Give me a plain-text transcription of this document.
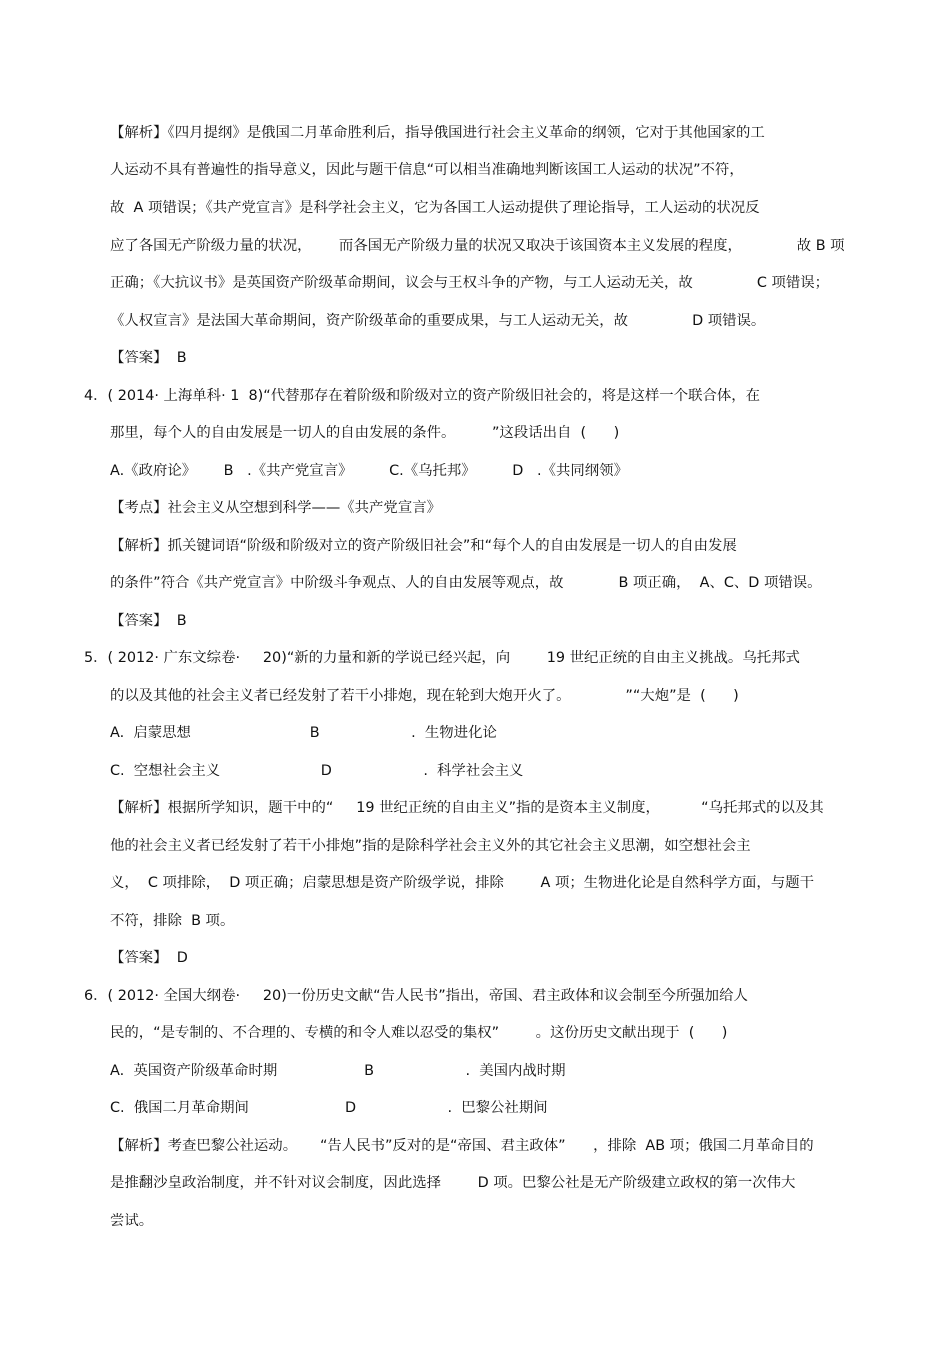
【解析】《四月提纲》是俄国二月革命胜利后，指导俄国进行社会主义革命的纲领，它对于其他国家的工
人运动不具有普遍性的指导意义，因此与题干信息“可以相当准确地判断该国工人运动的状况”不符，
故  A 项错误；《共产党宣言》是科学社会主义，它为各国工人运动提供了理论指导，工人运动的状况反
应了各国无产阶级力量的状况，      而各国无产阶级力量的状况又取决于该国资本主义发展的程度，            故 B 项
正确；《大抗议书》是英国资产阶级革命期间，议会与王权斗争的产物，与工人运动无关，故              C 项错误；
《人权宣言》是法国大革命期间，资产阶级革命的重要成果，与工人运动无关，故              D 项错误。
【答案】  B
4．( 2014· 上海单科· 1  8)“代替那存在着阶级和阶级对立的资产阶级旧社会的，将是这样一个联合体，在
那里，每个人的自由发展是一切人的自由发展的条件。        ”这段话出自  (      )
A.《政府论》      B   .《共产党宣言》        C.《乌托邦》        D   .《共同纲领》
【考点】社会主义从空想到科学——《共产党宣言》
【解析】抓关键词语“阶级和阶级对立的资产阶级旧社会”和“每个人的自由发展是一切人的自由发展
的条件”符合《共产党宣言》中阶级斗争观点、人的自由发展等观点，故            B 项正确，  A、C、D 项错误。
【答案】  B
5．( 2012· 广东文综卷·     20)“新的力量和新的学说已经兴起，向        19 世纪正统的自由主义挑战。乌托邦式
的以及其他的社会主义者已经发射了若干小排炮，现在轮到大炮开火了。            ”“大炮”是  (      )
A.  启蒙思想                          B                    .  生物进化论
C.  空想社会主义                      D                    .  科学社会主义
【解析】根据所学知识，题干中的“     19 世纪正统的自由主义”指的是资本主义制度，         “乌托邦式的以及其
他的社会主义者已经发射了若干小排炮”指的是除科学社会主义外的其它社会主义思潮，如空想社会主
义，  C 项排除，  D 项正确；启蒙思想是资产阶级学说，排除        A 项；生物进化论是自然科学方面，与题干
不符，排除  B 项。
【答案】  D
6．( 2012· 全国大纲卷·     20)一份历史文献“告人民书”指出，帝国、君主政体和议会制至今所强加给人
民的，“是专制的、不合理的、专横的和令人难以忍受的集权”        。这份历史文献出现于  (      )
A.  英国资产阶级革命时期                   B                    .  美国内战时期
C.  俄国二月革命期间                     D                    .  巴黎公社期间
【解析】考查巴黎公社运动。     “告人民书”反对的是“帝国、君主政体”      ，排除  AB 项；俄国二月革命目的
是推翻沙皇政治制度，并不针对议会制度，因此选择        D 项。巴黎公社是无产阶级建立政权的第一次伟大
尝试。
